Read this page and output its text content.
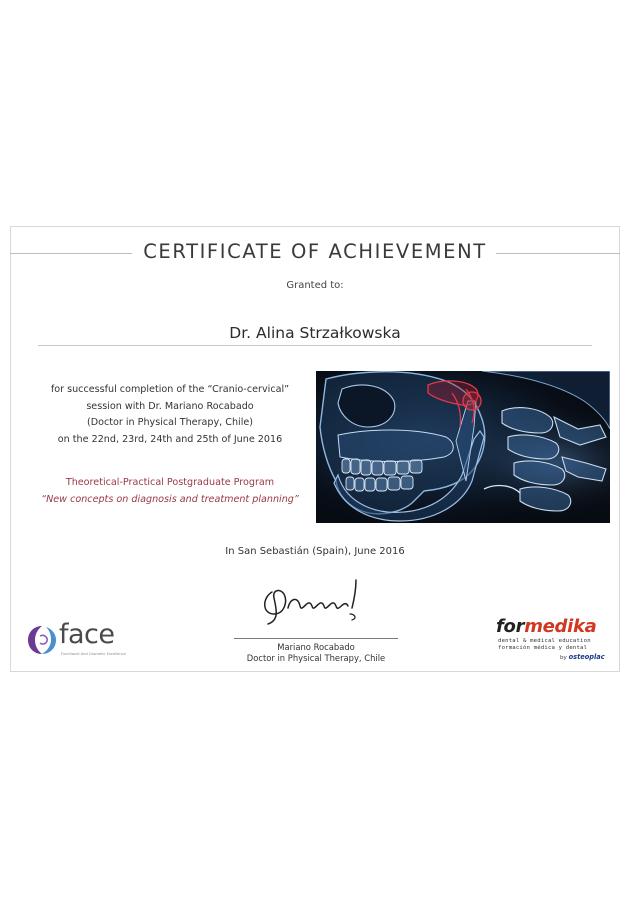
CERTIFICATE OF ACHIEVEMENT
Granted to:
Dr. Alina Strzałkowska
for successful completion of the “Cranio-cervical”
session with Dr. Mariano Rocabado
(Doctor in Physical Therapy, Chile)
on the 22nd, 23rd, 24th and 25th of June 2016
Theoretical-Practical Postgraduate Program
“New concepts on diagnosis and treatment planning”
In San Sebastián (Spain), June 2016
Mariano Rocabado
Doctor in Physical Therapy, Chile
face
Functional And Cosmetic Excellence
formedika
dental & medical education
formación médica y dental
by osteoplac
